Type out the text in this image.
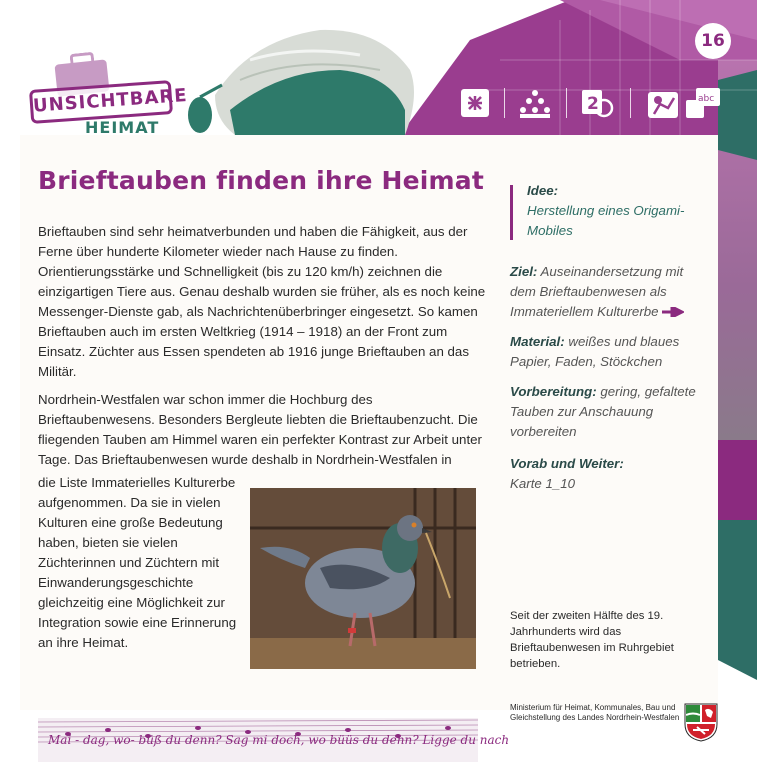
UNSICHTBARE
HEIMAT
16
2	abc
Brieftauben finden ihre Heimat
Brieftauben sind sehr heimatverbunden und haben die Fähigkeit, aus der Ferne über hunderte Kilometer wieder nach Hause zu finden. Orientierungsstärke und Schnelligkeit (bis zu 120 km/h) zeichnen die einzigartigen Tiere aus. Genau deshalb wurden sie früher, als es noch keine Messenger-Dienste gab, als Nachrichtenüberbringer eingesetzt. So kamen Brieftauben auch im ersten Weltkrieg (1914 – 1918) an der Front zum Einsatz. Züchter aus Essen spendeten ab 1916 junge Brieftauben an das Militär.
Nordrhein-Westfalen war schon immer die Hochburg des Brieftaubenwesens. Besonders Bergleute liebten die Brieftaubenzucht. Die fliegenden Tauben am Himmel waren ein perfekter Kontrast zur Arbeit unter Tage. Das Brieftaubenwesen wurde deshalb in Nordrhein-Westfalen in
die Liste Immaterielles Kulturerbe aufgenommen. Da sie in vielen Kulturen eine große Bedeutung haben, bieten sie vielen Züchterinnen und Züchtern mit Einwanderungsgeschichte gleichzeitig eine Möglichkeit zur Integration sowie eine Erinnerung an ihre Heimat.
Idee:
Herstellung eines Origami-Mobiles
Ziel: Auseinandersetzung mit dem Brieftaubenwesen als Immateriellem Kulturerbe
Material: weißes und blaues Papier, Faden, Stöckchen
Vorbereitung: gering, gefaltete Tauben zur Anschauung vorbereiten
Vorab und Weiter:
Karte 1_10
Seit der zweiten Hälfte des 19. Jahrhunderts wird das Brieftaubenwesen im Ruhrgebiet betrieben.
Ministerium für Heimat, Kommunales, Bau und Gleichstellung des Landes Nordrhein-Westfalen
Mai - dag, wo- büß du denn? Sag mi doch, wo büüs du denn? Ligge du nach
